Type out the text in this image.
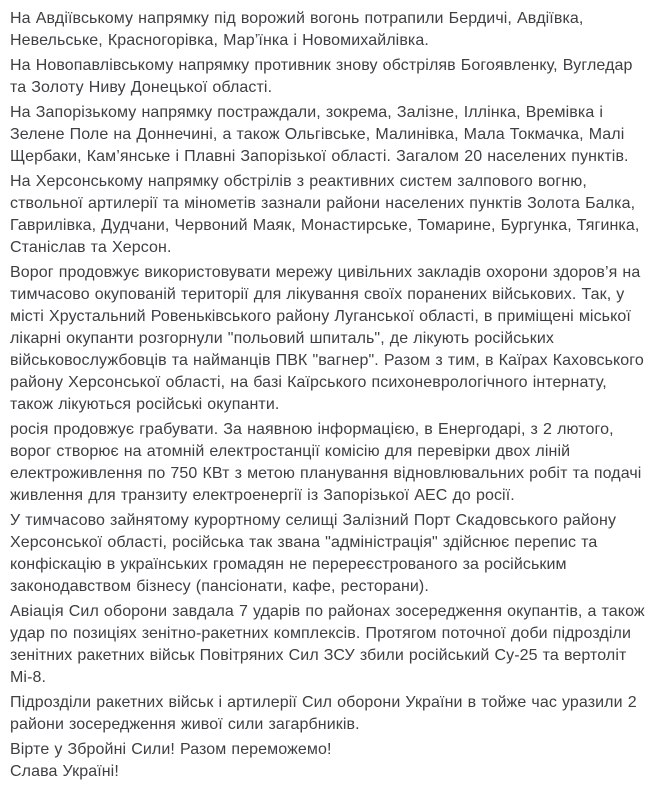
На Авдіївському напрямку під ворожий вогонь потрапили Бердичі, Авдіївка, Невельське, Красногорівка, Мар’їнка і Новомихайлівка.

На Новопавлівському напрямку противник знову обстріляв Богоявленку, Вугледар та Золоту Ниву Донецької області.

На Запорізькому напрямку постраждали, зокрема, Залізне, Іллінка, Времівка і Зелене Поле на Доннечині, а також Ольгівське, Малинівка, Мала Токмачка, Малі Щербаки, Кам’янське і Плавні Запорізької області. Загалом 20 населених пунктів.

На Херсонському напрямку обстрілів з реактивних систем залпового вогню, ствольної артилерії та мінометів зазнали райони населених пунктів Золота Балка, Гаврилівка, Дудчани, Червоний Маяк, Монастирське, Томарине, Бургунка, Тягинка, Станіслав та Херсон.

Ворог продовжує використовувати мережу цивільних закладів охорони здоров’я на тимчасово окупованій території для лікування своїх поранених військових. Так, у місті Хрустальний Ровеньківського району Луганської області, в приміщені міської лікарні окупанти розгорнули "польовий шпиталь", де лікують російських військовослужбовців та найманців ПВК "вагнер". Разом з тим, в Каїрах Каховського району Херсонської області, на базі Каїрського психоневрологічного інтернату, також лікуються російські окупанти.

росія продовжує грабувати. За наявною інформацією, в Енергодарі, з 2 лютого, ворог створює на атомній електростанції комісію для перевірки двох ліній електроживлення по 750 КВт з метою планування відновлювальних робіт та подачі живлення для транзиту електроенергії із Запорізької АЕС до росії.

У тимчасово зайнятому курортному селищі Залізний Порт Скадовського району Херсонської області, російська так звана "адміністрація" здійснює перепис та конфіскацію в українських громадян не перереєстрованого за російським законодавством бізнесу (пансіонати, кафе, ресторани).

Авіація Сил оборони завдала 7 ударів по районах зосередження окупантів, а також удар по позиціях зенітно-ракетних комплексів. Протягом поточної доби підрозділи зенітних ракетних військ Повітряних Сил ЗСУ збили російський Су-25 та вертоліт Мі-8.

Підрозділи ракетних військ і артилерії Сил оборони України в тойже час уразили 2 райони зосередження живої сили загарбників.

Вірте у Збройні Сили! Разом переможемо!
Слава Україні!
